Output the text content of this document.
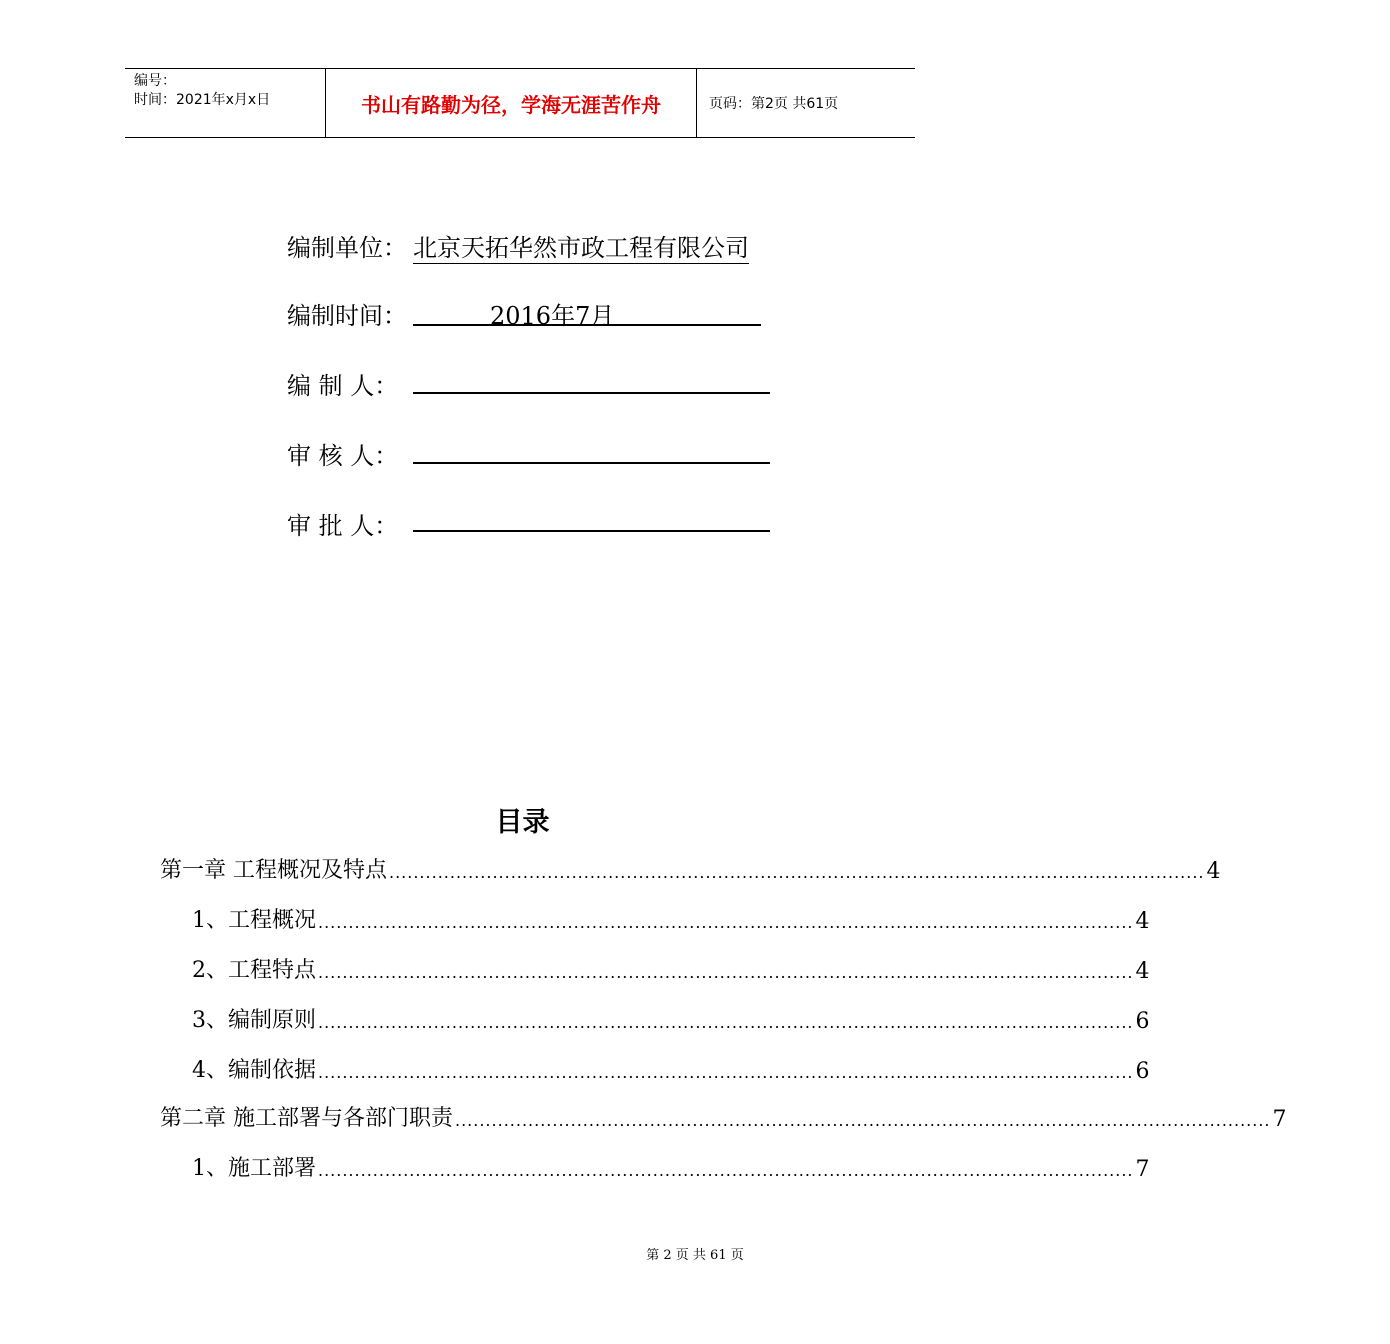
编号：
时间：2021年x月x日	书山有路勤为径，学海无涯苦作舟	页码：第2页 共61页
编制单位： 北京天拓华然市政工程有限公司
编制时间：	2016年7月
编 制 人：
审 核 人：
审 批 人：
目录
第一章 工程概况及特点 ...................................................................................................................................... 4
1、工程概况 ...................................................................................................................................... 4
2、工程特点 ...................................................................................................................................... 4
3、编制原则 ...................................................................................................................................... 6
4、编制依据 ...................................................................................................................................... 6
第二章 施工部署与各部门职责 ...................................................................................................................................... 7
1、施工部署 ...................................................................................................................................... 7
第 2 页 共 61 页
